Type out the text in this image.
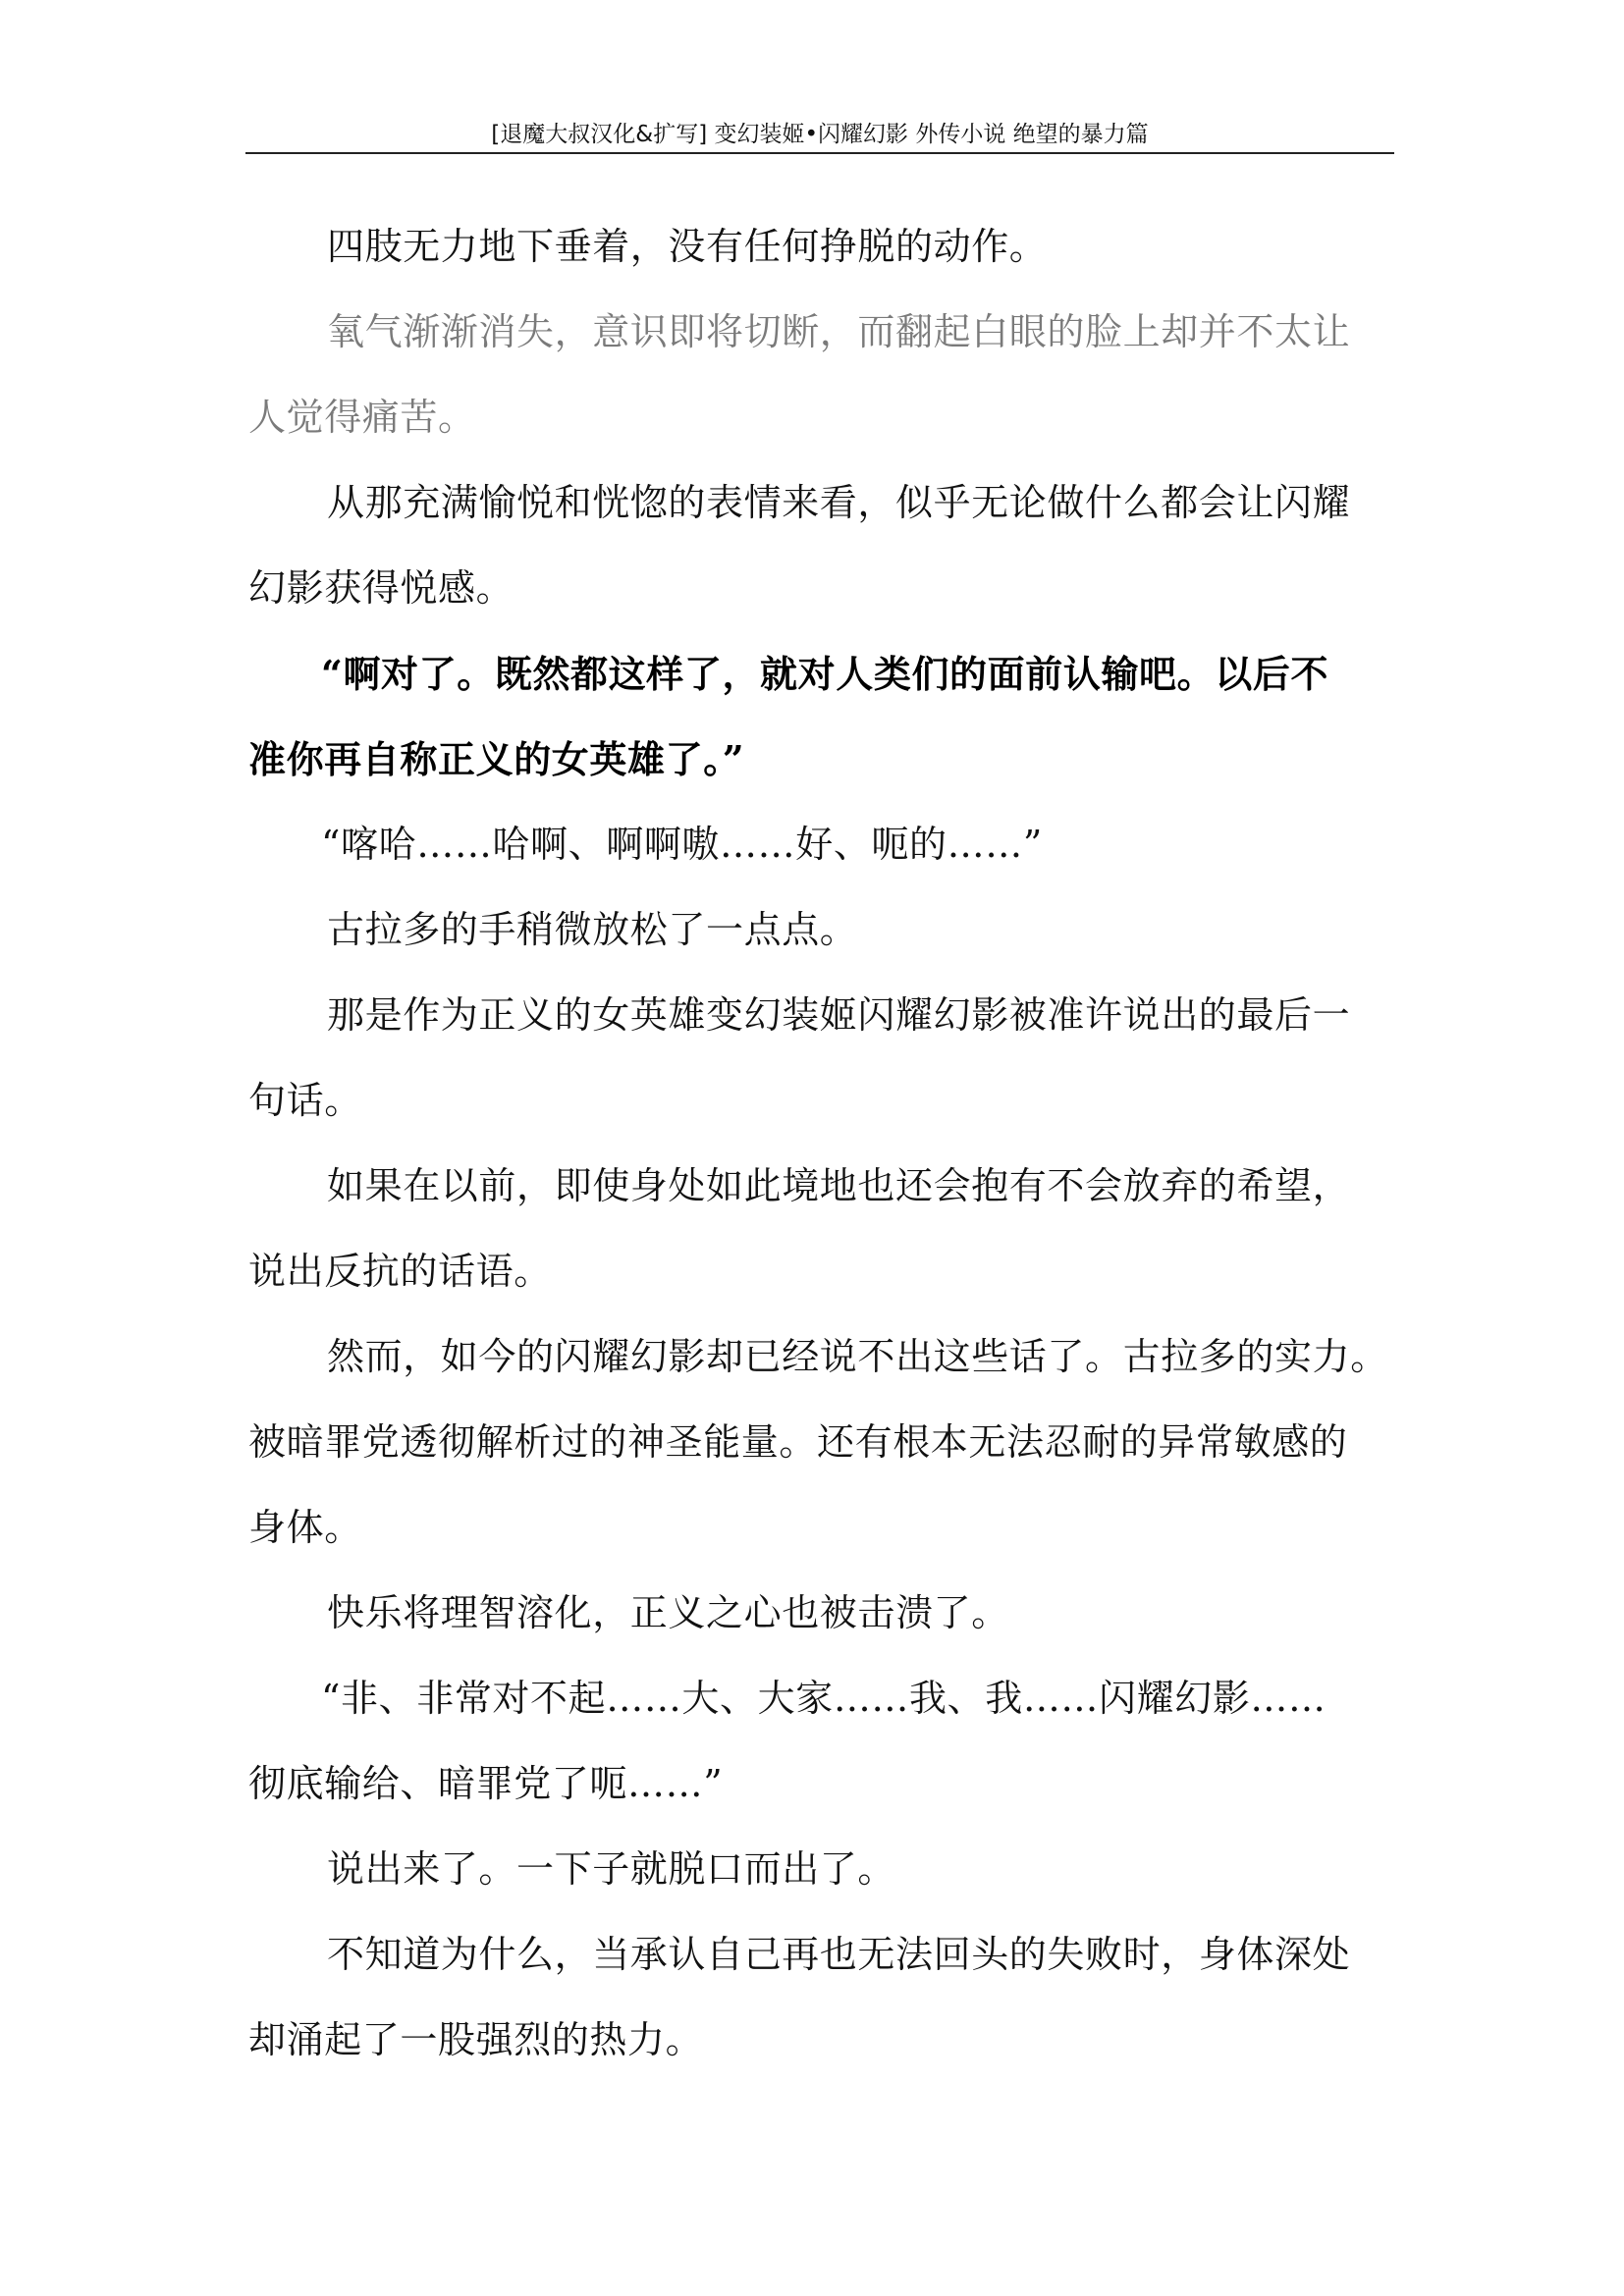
[退魔大叔汉化&扩写] 变幻装姬•闪耀幻影 外传小说 绝望的暴力篇
四肢无力地下垂着，没有任何挣脱的动作。
氧气渐渐消失，意识即将切断，而翻起白眼的脸上却并不太让
人觉得痛苦。
从那充满愉悦和恍惚的表情来看，似乎无论做什么都会让闪耀
幻影获得悦感。
“啊对了。既然都这样了，就对人类们的面前认输吧。以后不
准你再自称正义的女英雄了。”
“喀哈……哈啊、啊啊嗷……好、呃的……”
古拉多的手稍微放松了一点点。
那是作为正义的女英雄变幻装姬闪耀幻影被准许说出的最后一
句话。
如果在以前，即使身处如此境地也还会抱有不会放弃的希望，
说出反抗的话语。
然而，如今的闪耀幻影却已经说不出这些话了。古拉多的实力。
被暗罪党透彻解析过的神圣能量。还有根本无法忍耐的异常敏感的
身体。
快乐将理智溶化，正义之心也被击溃了。
“非、非常对不起……大、大家……我、我……闪耀幻影……
彻底输给、暗罪党了呃……”
说出来了。一下子就脱口而出了。
不知道为什么，当承认自己再也无法回头的失败时，身体深处
却涌起了一股强烈的热力。
